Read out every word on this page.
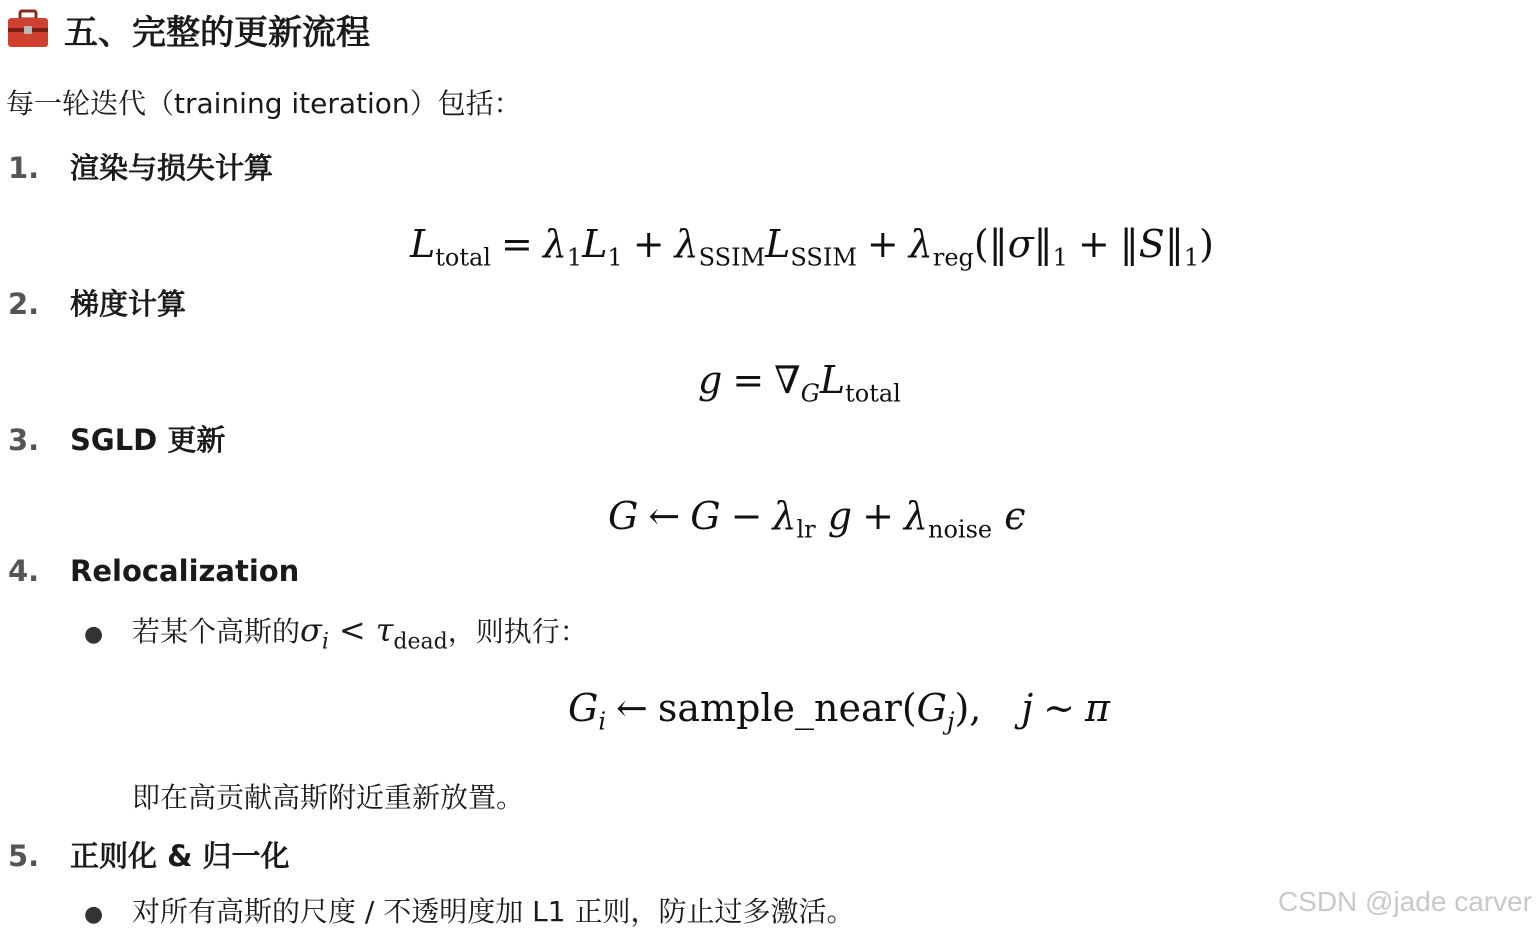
五、完整的更新流程
每一轮迭代（training iteration）包括：
1.	渲染与损失计算
$L_{total} = \lambda_1L_1 + \lambda_{SSIM}L_{SSIM}$ + $\lambda_{reg}(‖\sigma‖_1$ + $‖S‖_1$)
2.	梯度计算
$g = \nabla_GL_{total}$
3.	SGLD 更新
G ← $G - \lambda_{lr}$ $g + \lambda_{noise}$ ϵ
4.	Relocalization
●	若某个高斯的 $\sigma_i < \tau_{dead}$ ，则执行：
$G_i$ ← $sample\_near(G_j)$, j ∼ π
即在高贡献高斯附近重新放置。
5.	正则化 & 归一化
●	对所有高斯的尺度 / 不透明度加 L1 正则，防止过多激活。	CSDN @jade carver
